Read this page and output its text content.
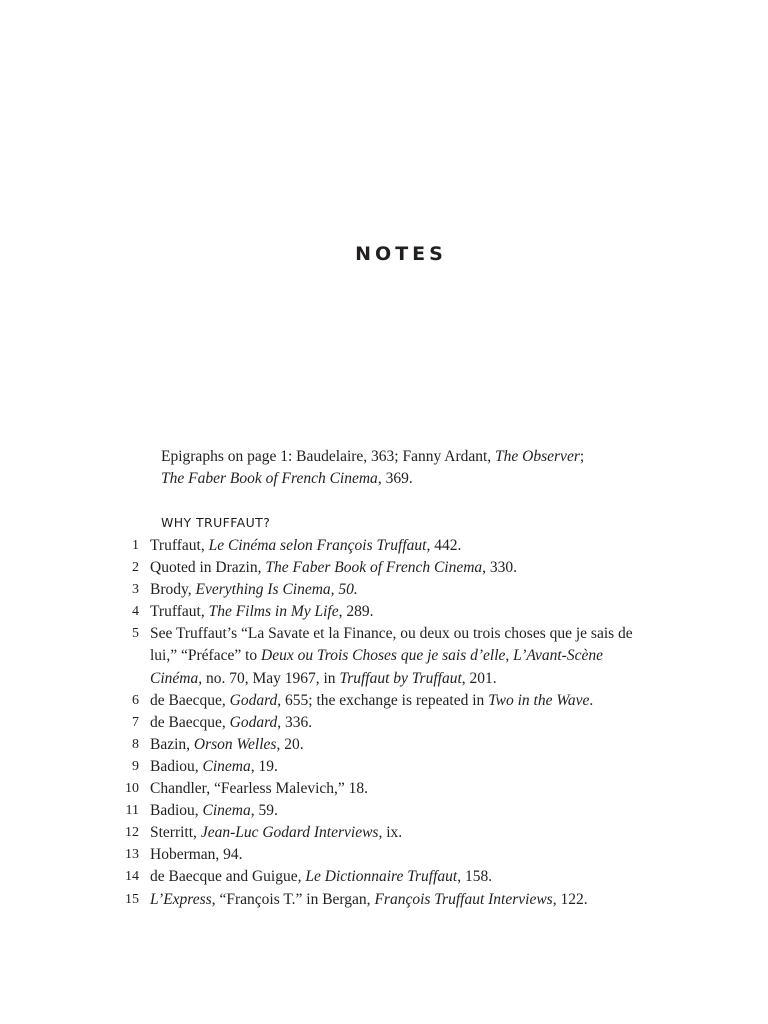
NOTES
Epigraphs on page 1: Baudelaire, 363; Fanny Ardant, The Observer;
The Faber Book of French Cinema, 369.
WHY TRUFFAUT?
1 Truffaut, Le Cinéma selon François Truffaut, 442.
2 Quoted in Drazin, The Faber Book of French Cinema, 330.
3 Brody, Everything Is Cinema, 50.
4 Truffaut, The Films in My Life, 289.
5 See Truffaut’s “La Savate et la Finance, ou deux ou trois choses que je sais de lui,” “Préface” to Deux ou Trois Choses que je sais d’elle, L’Avant-Scène Cinéma, no. 70, May 1967, in Truffaut by Truffaut, 201.
6 de Baecque, Godard, 655; the exchange is repeated in Two in the Wave.
7 de Baecque, Godard, 336.
8 Bazin, Orson Welles, 20.
9 Badiou, Cinema, 19.
10 Chandler, “Fearless Malevich,” 18.
11 Badiou, Cinema, 59.
12 Sterritt, Jean-Luc Godard Interviews, ix.
13 Hoberman, 94.
14 de Baecque and Guigue, Le Dictionnaire Truffaut, 158.
15 L’Express, “François T.” in Bergan, François Truffaut Interviews, 122.
